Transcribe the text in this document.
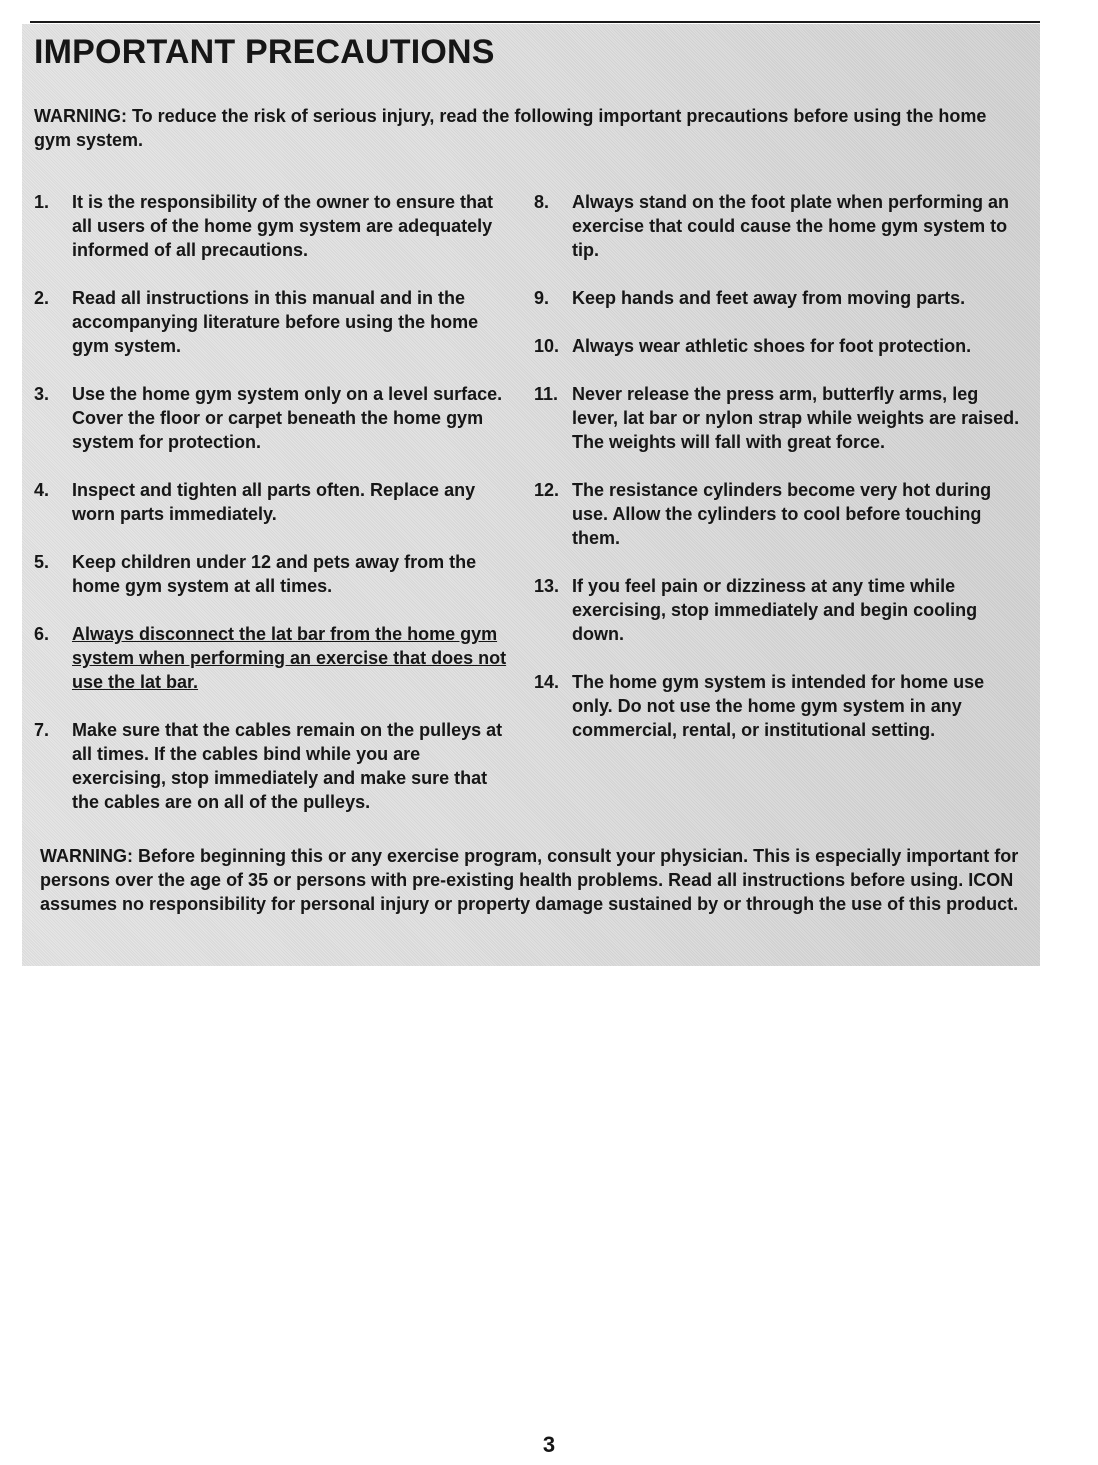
IMPORTANT PRECAUTIONS

WARNING: To reduce the risk of serious injury, read the following important precautions before using the home gym system.

1. It is the responsibility of the owner to ensure that all users of the home gym system are adequately informed of all precautions.
2. Read all instructions in this manual and in the accompanying literature before using the home gym system.
3. Use the home gym system only on a level surface. Cover the floor or carpet beneath the home gym system for protection.
4. Inspect and tighten all parts often. Replace any worn parts immediately.
5. Keep children under 12 and pets away from the home gym system at all times.
6. Always disconnect the lat bar from the home gym system when performing an exercise that does not use the lat bar.
7. Make sure that the cables remain on the pulleys at all times. If the cables bind while you are exercising, stop immediately and make sure that the cables are on all of the pulleys.
8. Always stand on the foot plate when performing an exercise that could cause the home gym system to tip.
9. Keep hands and feet away from moving parts.
10. Always wear athletic shoes for foot protection.
11. Never release the press arm, butterfly arms, leg lever, lat bar or nylon strap while weights are raised. The weights will fall with great force.
12. The resistance cylinders become very hot during use. Allow the cylinders to cool before touching them.
13. If you feel pain or dizziness at any time while exercising, stop immediately and begin cooling down.
14. The home gym system is intended for home use only. Do not use the home gym system in any commercial, rental, or institutional setting.

WARNING: Before beginning this or any exercise program, consult your physician. This is especially important for persons over the age of 35 or persons with pre-existing health problems. Read all instructions before using. ICON assumes no responsibility for personal injury or property damage sustained by or through the use of this product.

3
